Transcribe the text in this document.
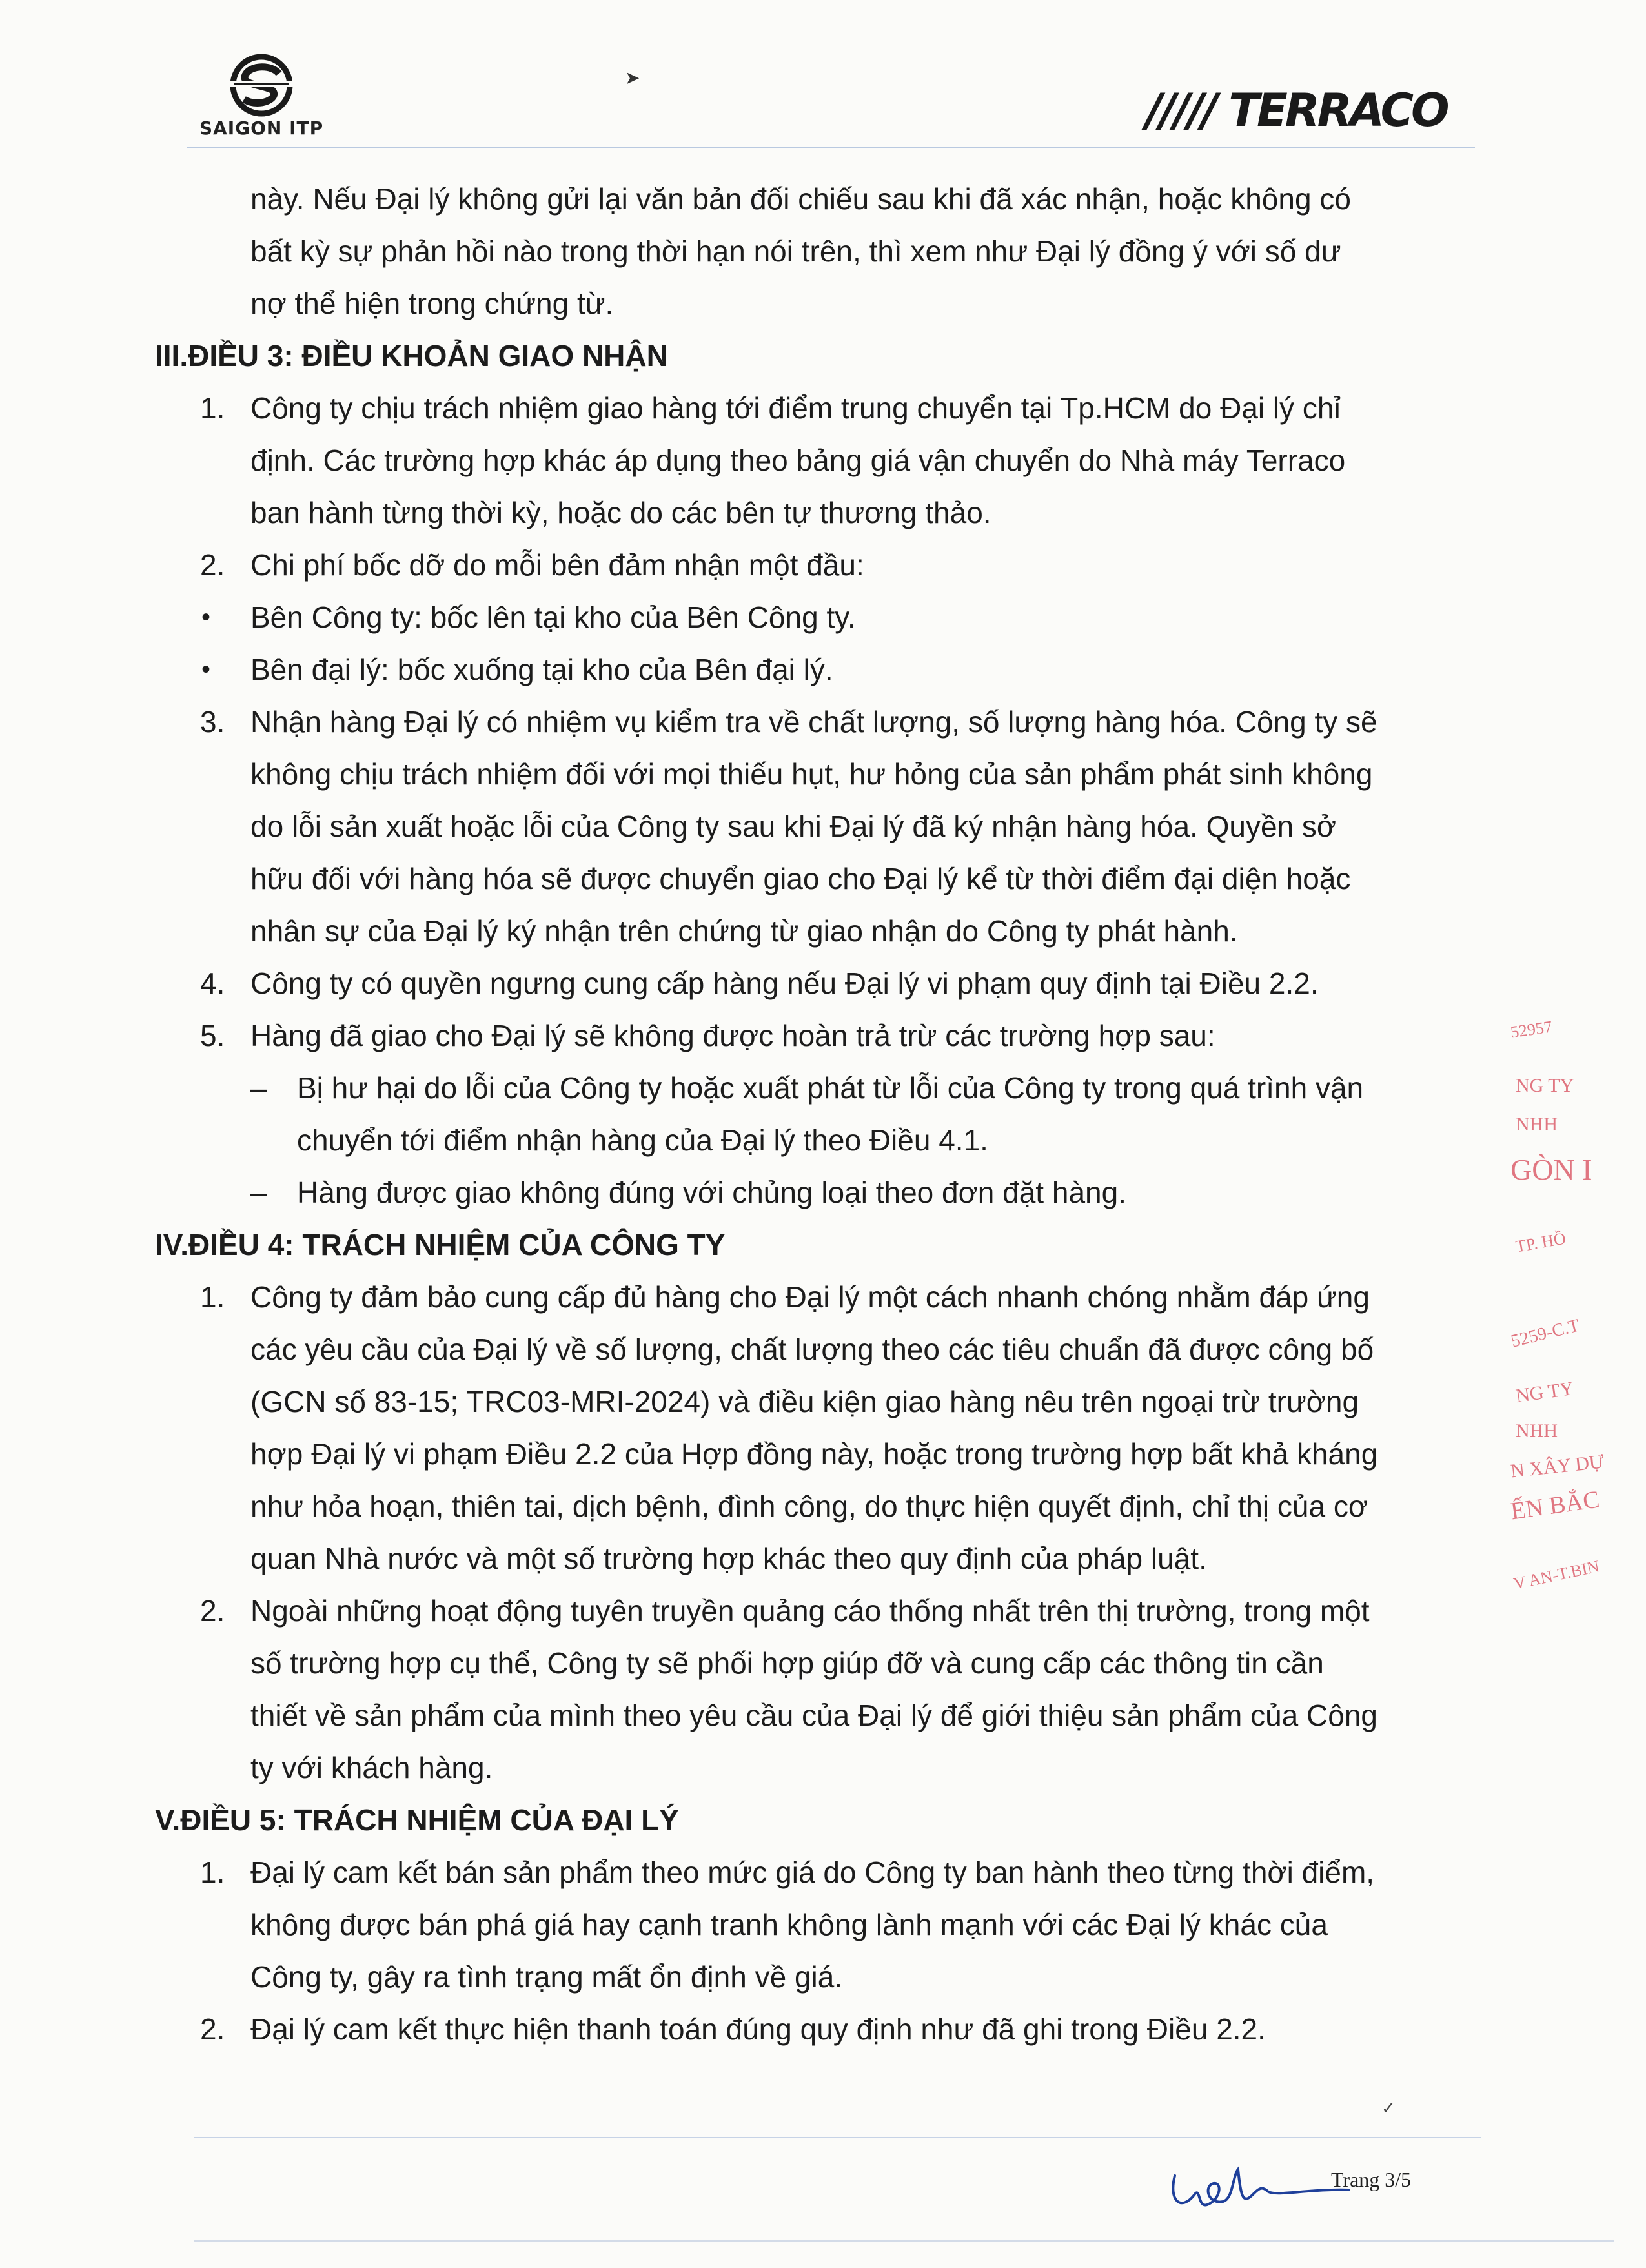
SAIGON ITP
➤
///// TERRACO
này. Nếu Đại lý không gửi lại văn bản đối chiếu sau khi đã xác nhận, hoặc không có
bất kỳ sự phản hồi nào trong thời hạn nói trên, thì xem như Đại lý đồng ý với số dư
nợ thể hiện trong chứng từ.
III.ĐIỀU 3: ĐIỀU KHOẢN GIAO NHẬN
1. Công ty chịu trách nhiệm giao hàng tới điểm trung chuyển tại Tp.HCM do Đại lý chỉ
định. Các trường hợp khác áp dụng theo bảng giá vận chuyển do Nhà máy Terraco
ban hành từng thời kỳ, hoặc do các bên tự thương thảo.
2. Chi phí bốc dỡ do mỗi bên đảm nhận một đầu:
• Bên Công ty: bốc lên tại kho của Bên Công ty.
• Bên đại lý: bốc xuống tại kho của Bên đại lý.
3. Nhận hàng Đại lý có nhiệm vụ kiểm tra về chất lượng, số lượng hàng hóa. Công ty sẽ
không chịu trách nhiệm đối với mọi thiếu hụt, hư hỏng của sản phẩm phát sinh không
do lỗi sản xuất hoặc lỗi của Công ty sau khi Đại lý đã ký nhận hàng hóa. Quyền sở
hữu đối với hàng hóa sẽ được chuyển giao cho Đại lý kể từ thời điểm đại diện hoặc
nhân sự của Đại lý ký nhận trên chứng từ giao nhận do Công ty phát hành.
4. Công ty có quyền ngưng cung cấp hàng nếu Đại lý vi phạm quy định tại Điều 2.2.
5. Hàng đã giao cho Đại lý sẽ không được hoàn trả trừ các trường hợp sau:
– Bị hư hại do lỗi của Công ty hoặc xuất phát từ lỗi của Công ty trong quá trình vận
chuyển tới điểm nhận hàng của Đại lý theo Điều 4.1.
– Hàng được giao không đúng với chủng loại theo đơn đặt hàng.
IV.ĐIỀU 4: TRÁCH NHIỆM CỦA CÔNG TY
1. Công ty đảm bảo cung cấp đủ hàng cho Đại lý một cách nhanh chóng nhằm đáp ứng
các yêu cầu của Đại lý về số lượng, chất lượng theo các tiêu chuẩn đã được công bố
(GCN số 83-15; TRC03-MRI-2024) và điều kiện giao hàng nêu trên ngoại trừ trường
hợp Đại lý vi phạm Điều 2.2 của Hợp đồng này, hoặc trong trường hợp bất khả kháng
như hỏa hoạn, thiên tai, dịch bệnh, đình công, do thực hiện quyết định, chỉ thị của cơ
quan Nhà nước và một số trường hợp khác theo quy định của pháp luật.
2. Ngoài những hoạt động tuyên truyền quảng cáo thống nhất trên thị trường, trong một
số trường hợp cụ thể, Công ty sẽ phối hợp giúp đỡ và cung cấp các thông tin cần
thiết về sản phẩm của mình theo yêu cầu của Đại lý để giới thiệu sản phẩm của Công
ty với khách hàng.
V.ĐIỀU 5: TRÁCH NHIỆM CỦA ĐẠI LÝ
1. Đại lý cam kết bán sản phẩm theo mức giá do Công ty ban hành theo từng thời điểm,
không được bán phá giá hay cạnh tranh không lành mạnh với các Đại lý khác của
Công ty, gây ra tình trạng mất ổn định về giá.
2. Đại lý cam kết thực hiện thanh toán đúng quy định như đã ghi trong Điều 2.2.
52957
NG TY
NHH
GÒN I
TP. HỒ
5259-C.T
NG TY
NHH
N XÂY DỰ
ẾN BẮC
V AN-T.BIN
✓
Trang 3/5
